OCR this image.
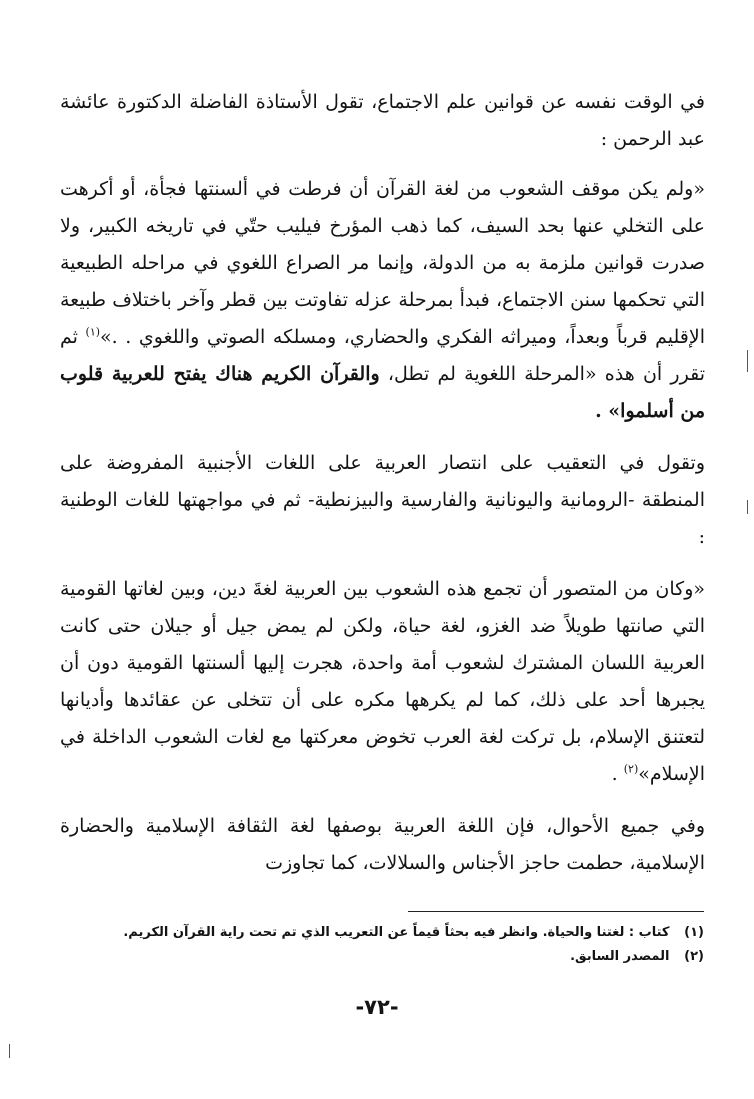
في الوقت نفسه عن قوانين علم الاجتماع، تقول الأستاذة الفاضلة الدكتورة عائشة عبد الرحمن :

«ولم يكن موقف الشعوب من لغة القرآن أن فرطت في ألسنتها فجأة، أو أكرهت على التخلي عنها بحد السيف، كما ذهب المؤرخ فيليب حتّي في تاريخه الكبير، ولا صدرت قوانين ملزمة به من الدولة، وإنما مر الصراع اللغوي في مراحله الطبيعية التي تحكمها سنن الاجتماع، فبدأ بمرحلة عزله تفاوتت بين قطر وآخر باختلاف طبيعة الإقليم قرباً وبعداً، وميراثه الفكري والحضاري، ومسلكه الصوتي واللغوي . .»$^{(١)}$ ثم تقرر أن هذه «المرحلة اللغوية لم تطل، والقرآن الكريم هناك يفتح للعربية قلوب من أسلموا» .

وتقول في التعقيب على انتصار العربية على اللغات الأجنبية المفروضة على المنطقة -الرومانية واليونانية والفارسية والبيزنطية- ثم في مواجهتها للغات الوطنية :

«وكان من المتصور أن تجمع هذه الشعوب بين العربية لغةَ دين، وبين لغاتها القومية التي صانتها طويلاً ضد الغزو، لغة حياة، ولكن لم يمض جيل أو جيلان حتى كانت العربية اللسان المشترك لشعوب أمة واحدة، هجرت إليها ألسنتها القومية دون أن يجبرها أحد على ذلك، كما لم يكرهها مكره على أن تتخلى عن عقائدها وأديانها لتعتنق الإسلام، بل تركت لغة العرب تخوض معركتها مع لغات الشعوب الداخلة في الإسلام»$^{(٢)}$ .

وفي جميع الأحوال، فإن اللغة العربية بوصفها لغة الثقافة الإسلامية والحضارة الإسلامية، حطمت حاجز الأجناس والسلالات، كما تجاوزت

(١) كتاب : لغتنا والحياة. وانظر فيه بحثاً قيماً عن التعريب الذي تم تحت راية القرآن الكريم.

(٢) المصدر السابق.

-٧٢-
